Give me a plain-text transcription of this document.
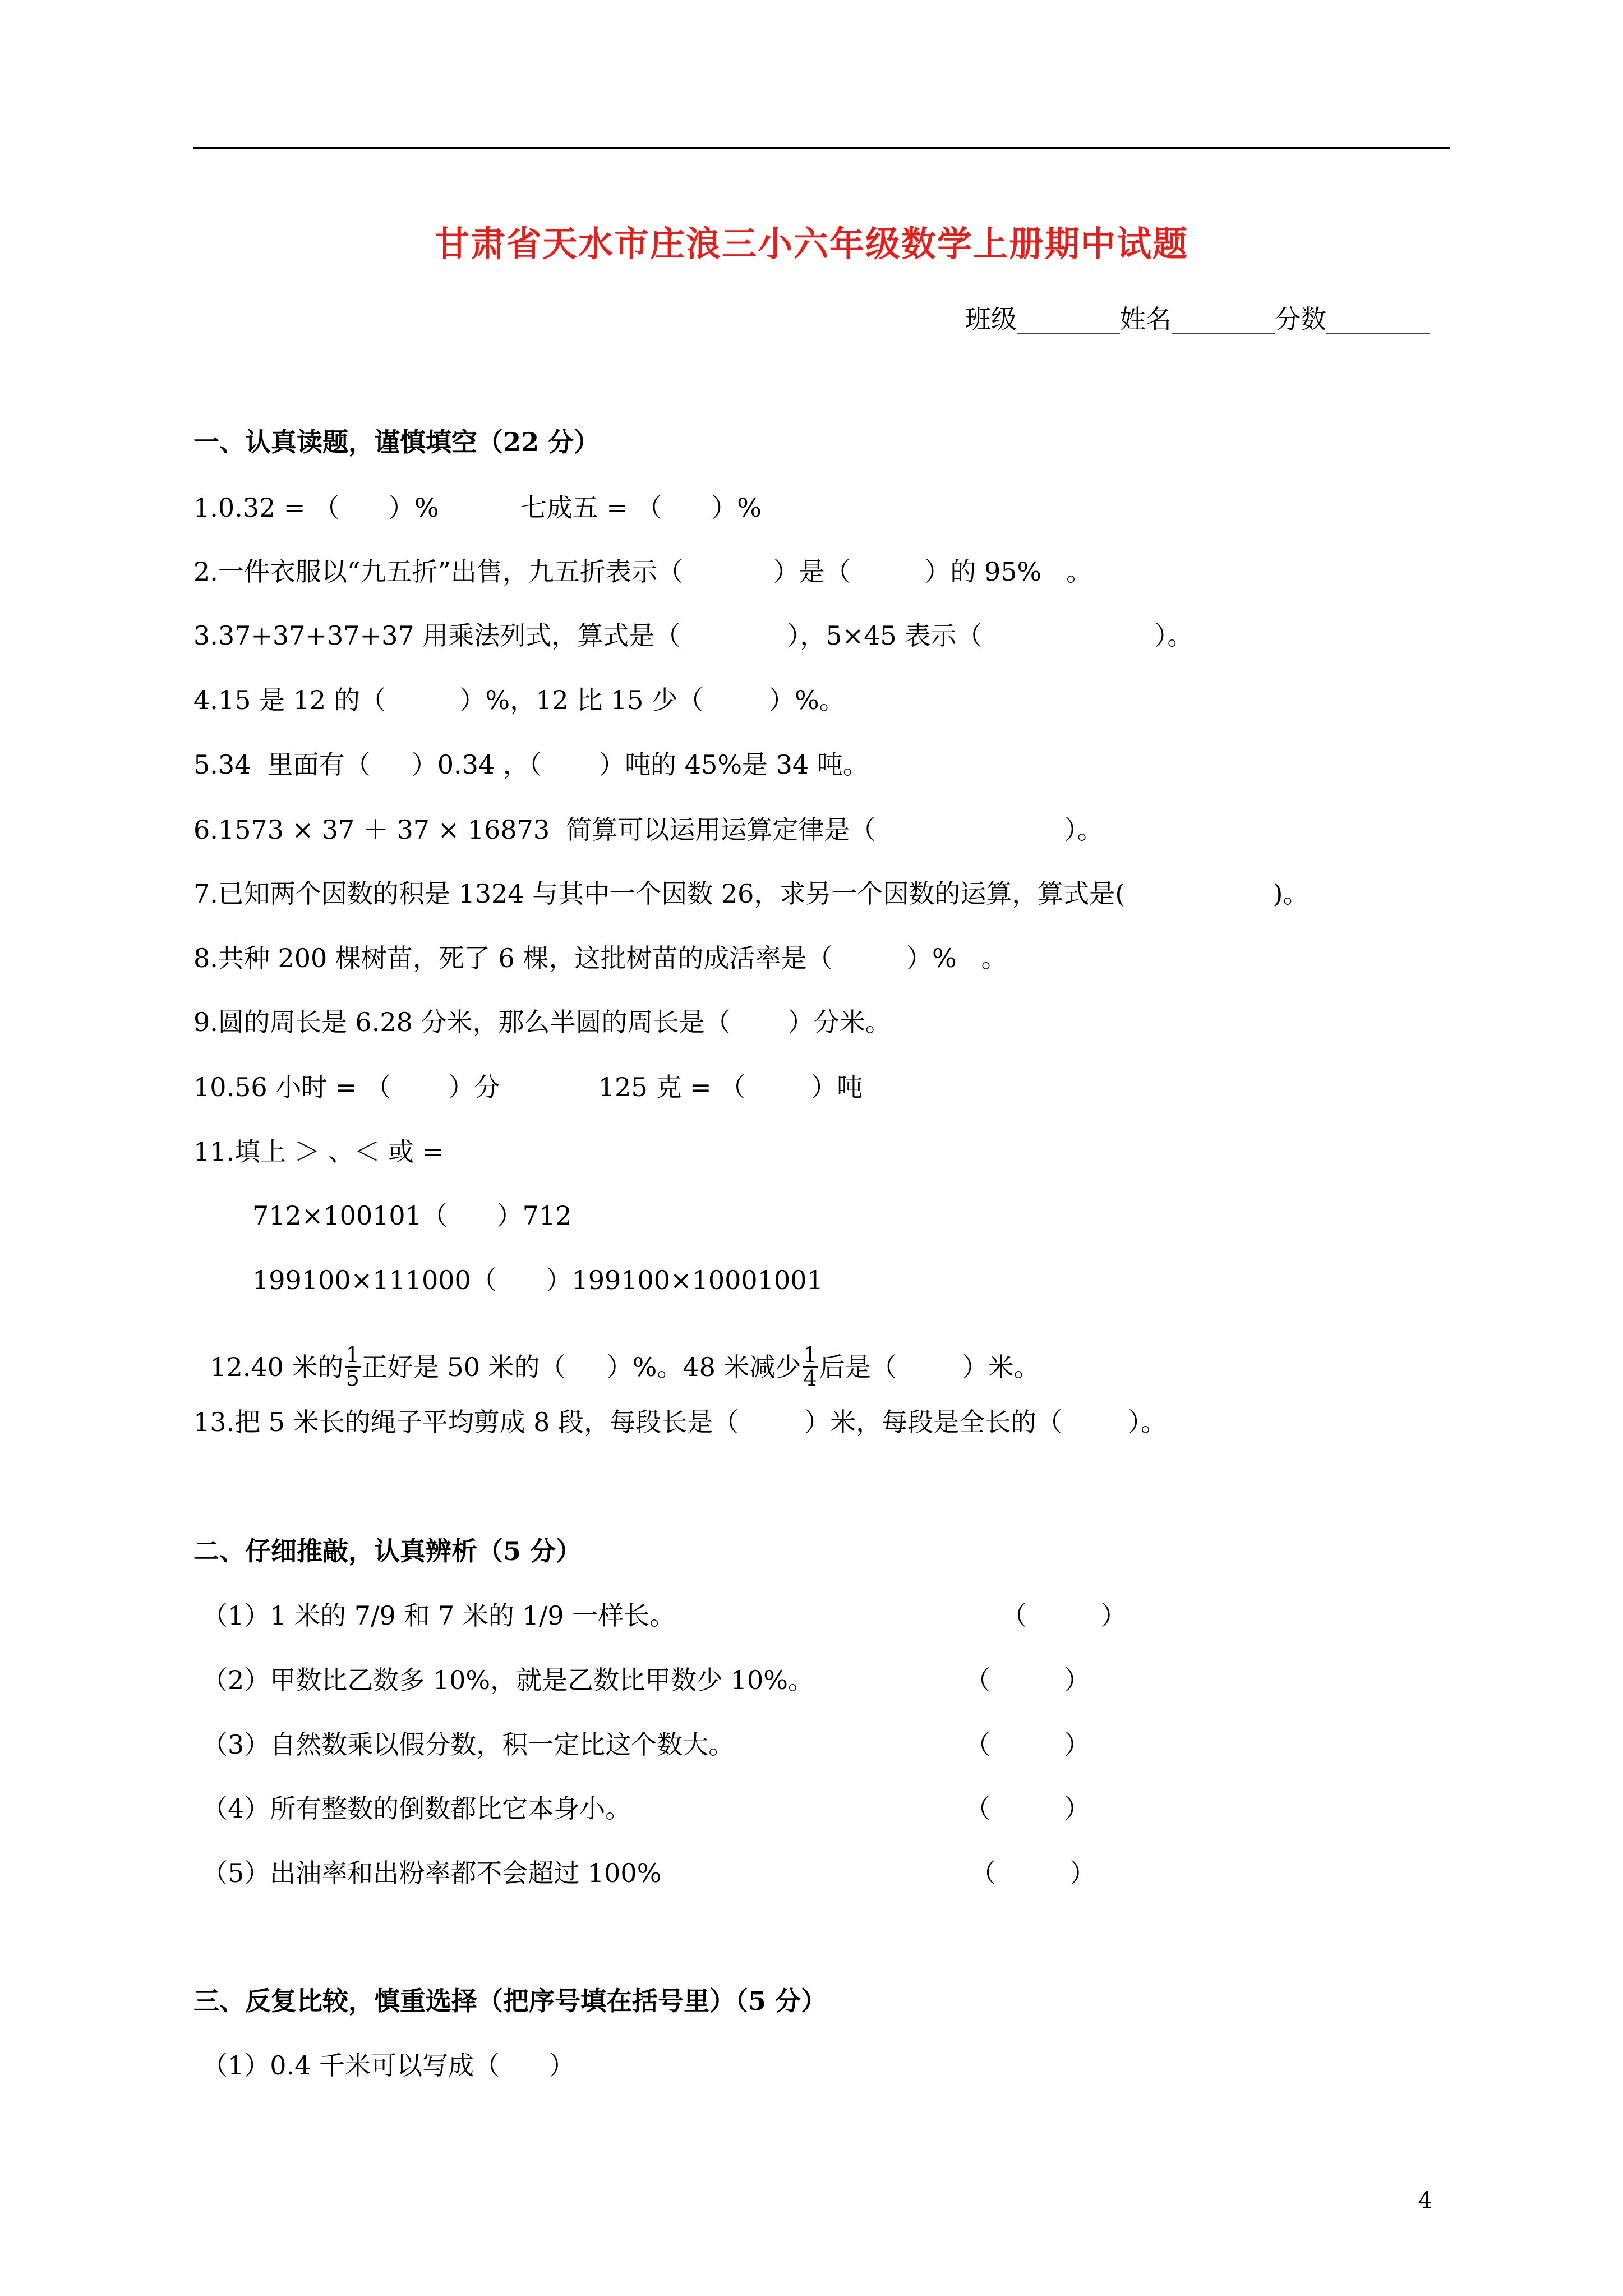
甘肃省天水市庄浪三小六年级数学上册期中试题
班级________姓名________分数________
一、认真读题，谨慎填空（22 分）
1.0.32 = （      ）%          七成五 = （      ）%
2.一件衣服以“九五折”出售，九五折表示（           ）是（         ）的 95%   。
3.37+37+37+37 用乘法列式，算式是（             ），5×45 表示（                     ）。
4.15 是 12 的（         ）%，12 比 15 少（        ）%。
5.34  里面有（     ）0.34 ，（       ）吨的 45%是 34 吨。
6.1573 × 37 ＋ 37 × 16873  简算可以运用运算定律是（                       ）。
7.已知两个因数的积是 1324 与其中一个因数 26，求另一个因数的运算，算式是(                  )。
8.共种 200 棵树苗，死了 6 棵，这批树苗的成活率是（         ）%   。
9.圆的周长是 6.28 分米，那么半圆的周长是（       ）分米。
10.56 小时 = （       ）分            125 克 = （        ）吨
11.填上 ＞ 、＜ 或 =
712×100101（      ）712
199100×111000（      ）199100×10001001

12.40 米的 $\frac{1}{5}$ 正好是 50 米的（     ）%。48 米减少 $\frac{1}{4}$ 后是（        ）米。

13.把 5 米长的绳子平均剪成 8 段，每段长是（        ）米，每段是全长的（        ）。
二、仔细推敲，认真辨析（5 分）
（1）1 米的 7/9 和 7 米的 1/9 一样长。	（         ）
（2）甲数比乙数多 10%，就是乙数比甲数少 10%。	（         ）
（3）自然数乘以假分数，积一定比这个数大。	（         ）
（4）所有整数的倒数都比它本身小。	（         ）
（5）出油率和出粉率都不会超过 100%	（         ）
三、反复比较，慎重选择（把序号填在括号里）（5 分）
（1）0.4 千米可以写成（      ）
4
